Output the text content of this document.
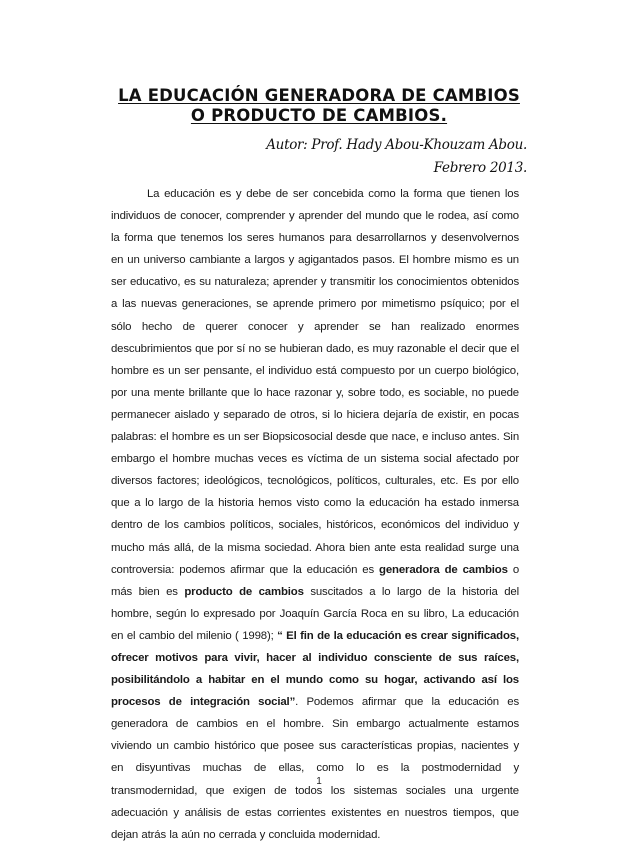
LA EDUCACIÓN GENERADORA DE CAMBIOS
O PRODUCTO DE CAMBIOS.
Autor: Prof. Hady Abou-Khouzam Abou.
Febrero 2013.

La educación es y debe de ser concebida como la forma que tienen los individuos de conocer, comprender y aprender del mundo que le rodea, así como la forma que tenemos los seres humanos para desarrollarnos y desenvolvernos en un universo cambiante a largos y agigantados pasos. El hombre mismo es un ser educativo, es su naturaleza; aprender y transmitir los conocimientos obtenidos a las nuevas generaciones, se aprende primero por mimetismo psíquico; por el sólo hecho de querer conocer y aprender se han realizado enormes descubrimientos que por sí no se hubieran dado, es muy razonable el decir que el hombre es un ser pensante, el individuo está compuesto por un cuerpo biológico, por una mente brillante que lo hace razonar y, sobre todo, es sociable, no puede permanecer aislado y separado de otros, si lo hiciera dejaría de existir, en pocas palabras: el hombre es un ser Biopsicosocial desde que nace, e incluso antes. Sin embargo el hombre muchas veces es víctima de un sistema social afectado por diversos factores; ideológicos, tecnológicos, políticos, culturales, etc. Es por ello que a lo largo de la historia hemos visto como la educación ha estado inmersa dentro de los cambios políticos, sociales, históricos, económicos del individuo y mucho más allá, de la misma sociedad. Ahora bien ante esta realidad surge una controversia: podemos afirmar que la educación es generadora de cambios o más bien es producto de cambios suscitados a lo largo de la historia del hombre, según lo expresado por Joaquín García Roca en su libro, La educación en el cambio del milenio ( 1998); “ El fin de la educación es crear significados, ofrecer motivos para vivir, hacer al individuo consciente de sus raíces, posibilitándolo a habitar en el mundo como su hogar, activando así los procesos de integración social”. Podemos afirmar que la educación es generadora de cambios en el hombre. Sin embargo actualmente estamos viviendo un cambio histórico que posee sus características propias, nacientes y en disyuntivas muchas de ellas, como lo es la postmodernidad y transmodernidad, que exigen de todos los sistemas sociales una urgente adecuación y análisis de estas corrientes existentes en nuestros tiempos, que dejan atrás la aún no cerrada y concluida modernidad.

1
